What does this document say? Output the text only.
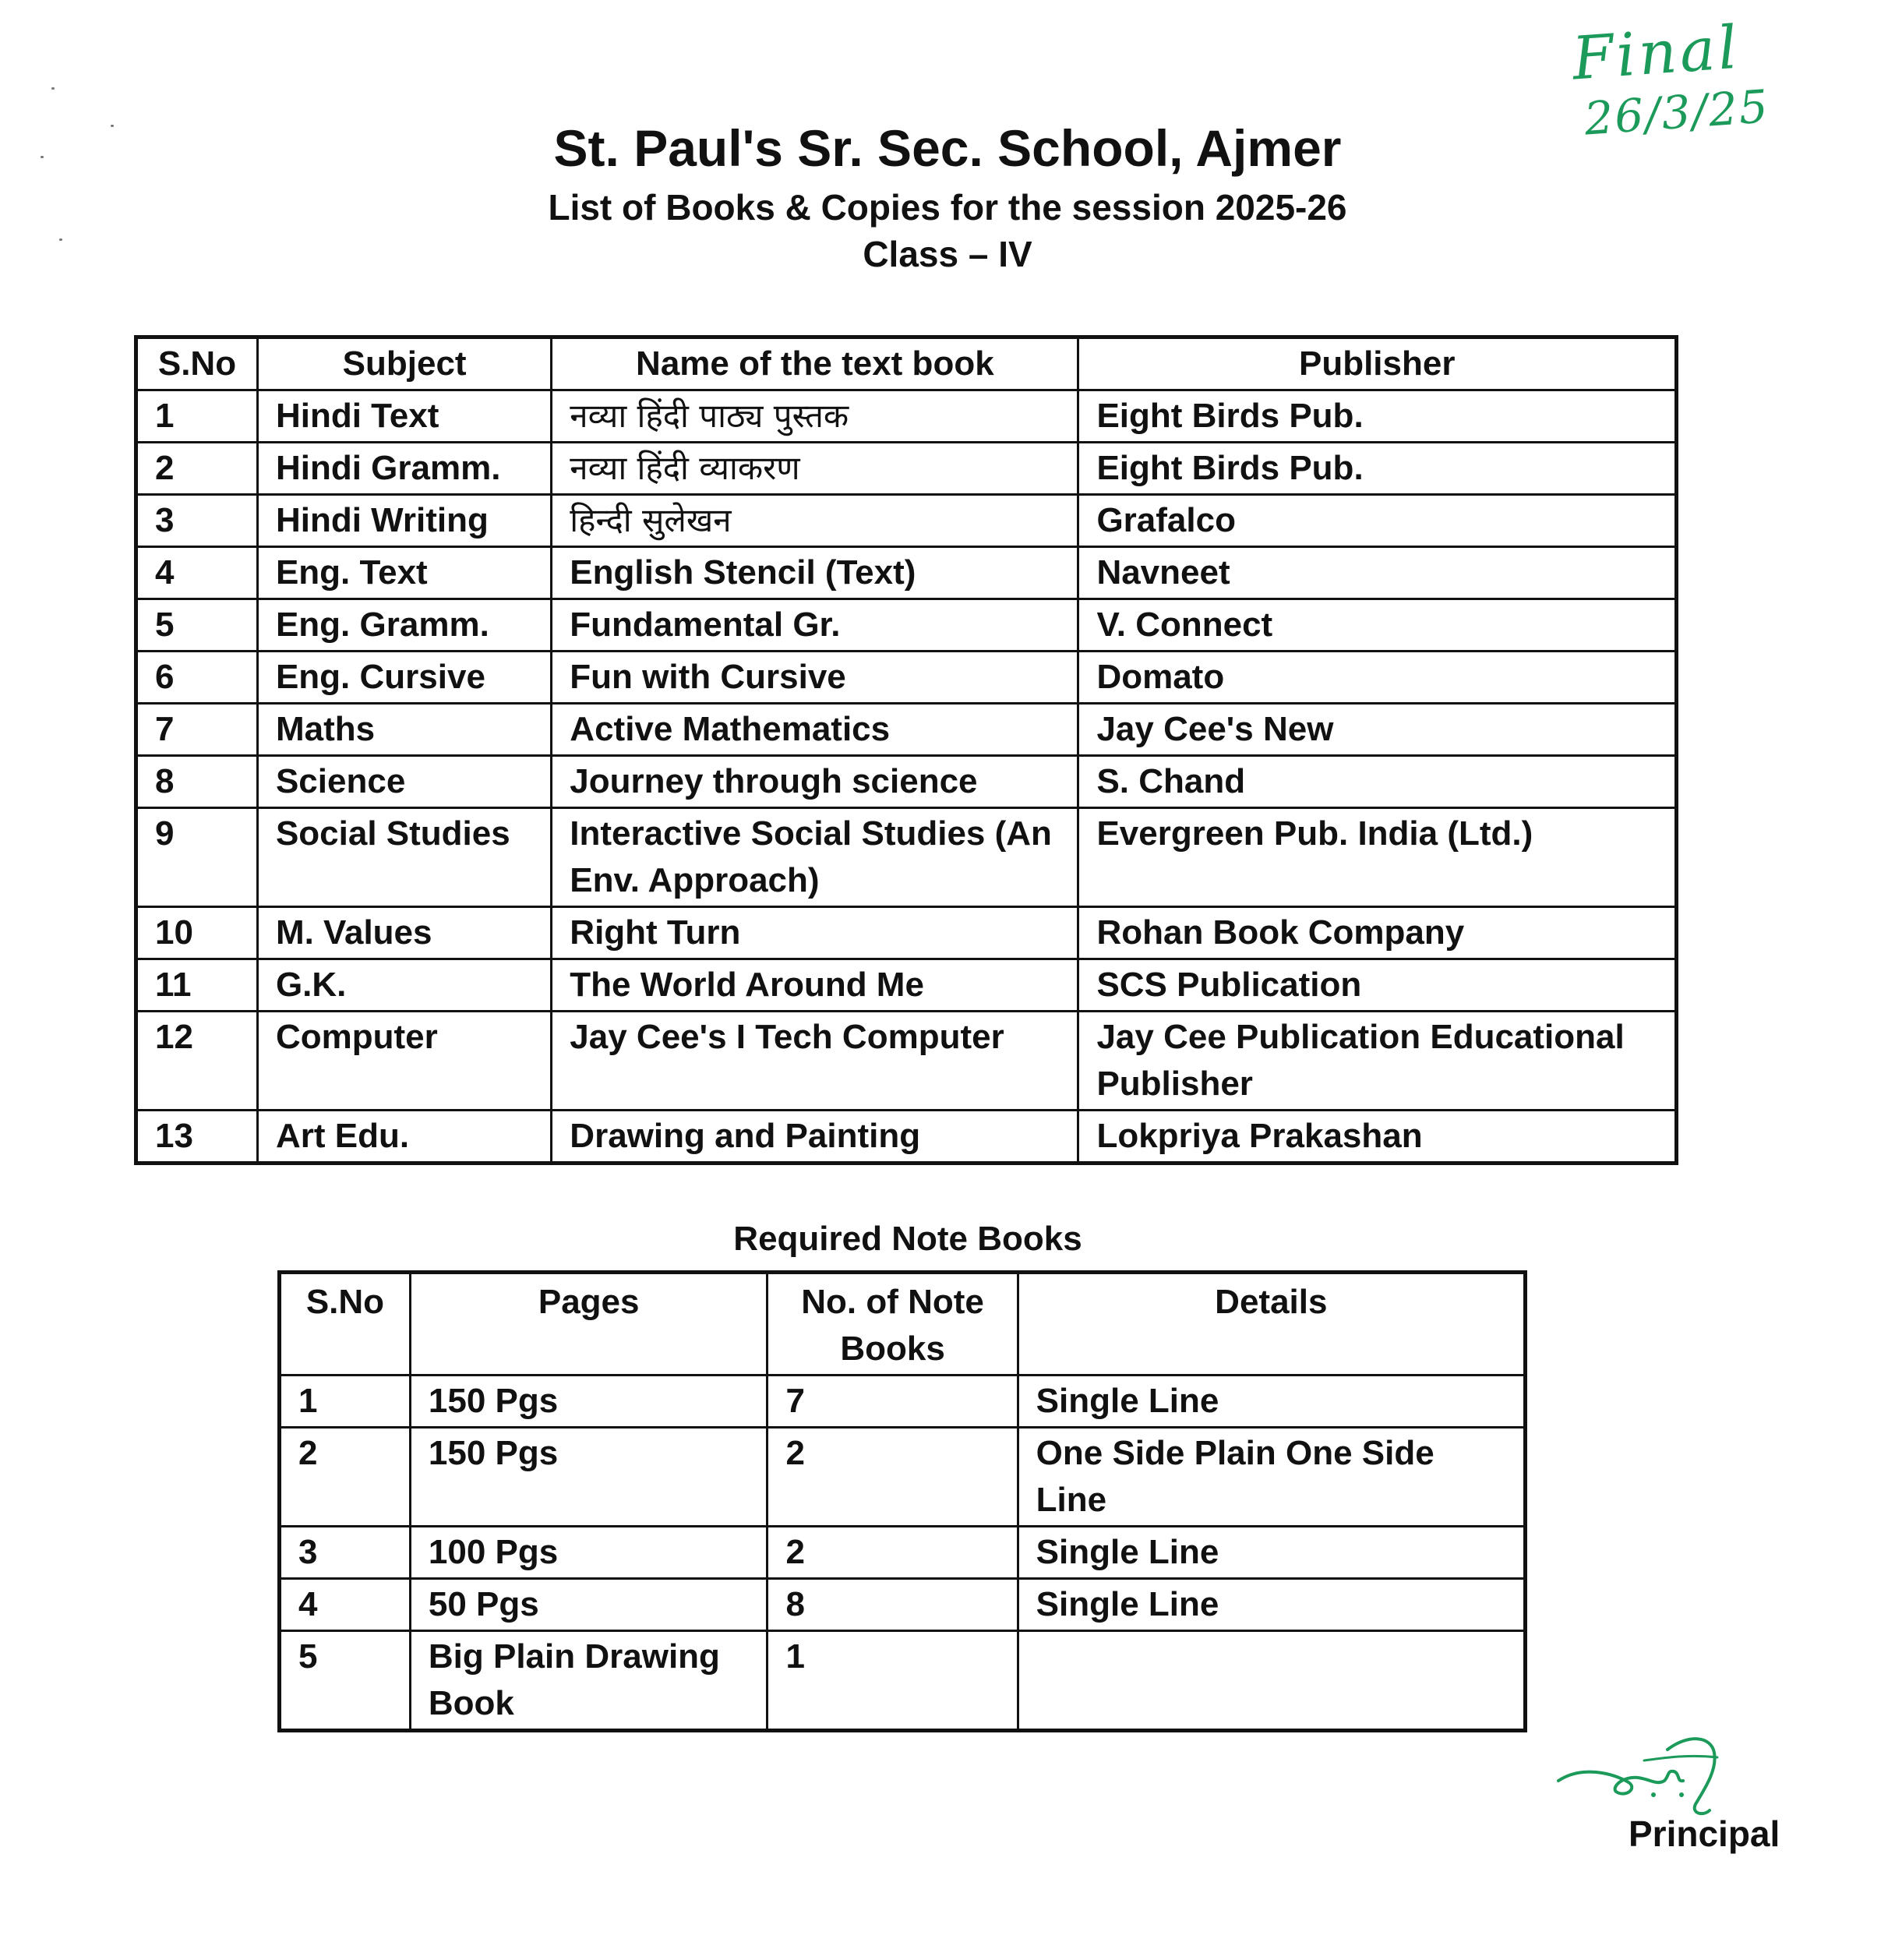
Final
26/3/25
St. Paul's Sr. Sec. School, Ajmer

List of Books & Copies for the session 2025-26

Class – IV

S.No	Subject	Name of the text book	Publisher
1	Hindi Text	नव्या हिंदी पाठ्य पुस्तक	Eight Birds Pub.
2	Hindi Gramm.	नव्या हिंदी व्याकरण	Eight Birds Pub.
3	Hindi Writing	हिन्दी सुलेखन	Grafalco
4	Eng. Text	English Stencil (Text)	Navneet
5	Eng. Gramm.	Fundamental Gr.	V. Connect
6	Eng. Cursive	Fun with Cursive	Domato
7	Maths	Active Mathematics	Jay Cee's New
8	Science	Journey through science	S. Chand
9	Social Studies	Interactive Social Studies (An Env. Approach)	Evergreen Pub. India (Ltd.)
10	M. Values	Right Turn	Rohan Book Company
11	G.K.	The World Around Me	SCS Publication
12	Computer	Jay Cee's I Tech Computer	Jay Cee Publication Educational Publisher
13	Art Edu.	Drawing and Painting	Lokpriya Prakashan
Required Note Books
S.No	Pages	No. of Note Books	Details
1	150 Pgs	7	Single Line
2	150 Pgs	2	One Side Plain One Side Line
3	100 Pgs	2	Single Line
4	50 Pgs	8	Single Line
5	Big Plain Drawing Book	1	
Principal
